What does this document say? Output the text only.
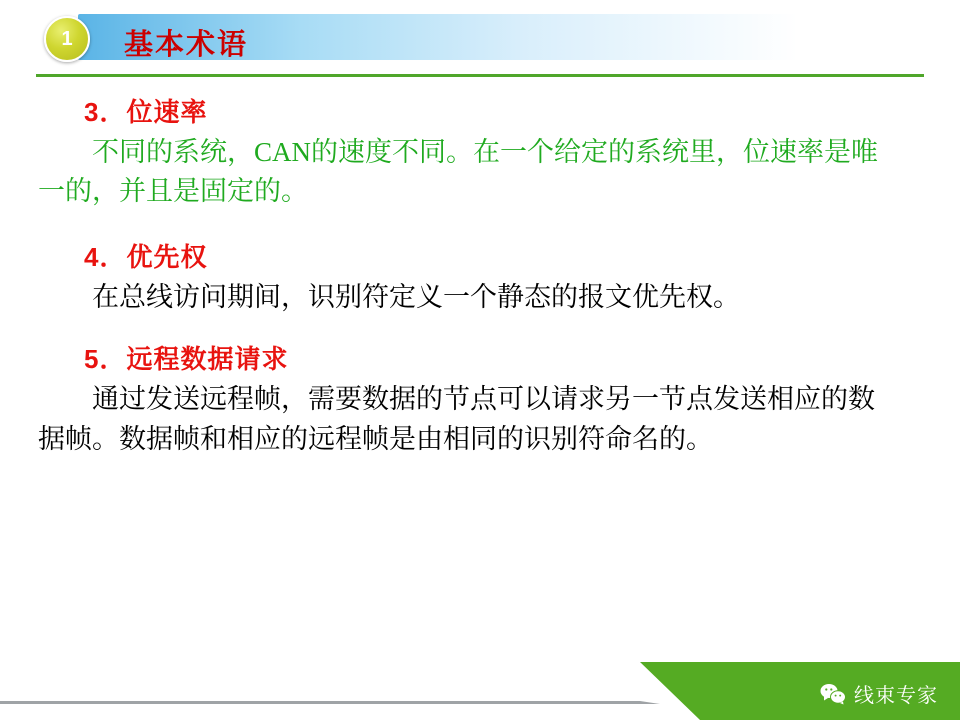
1	基本术语
3．位速率
不同的系统，CAN的速度不同。在一个给定的系统里，位速率是唯一的，并且是固定的。
4．优先权
在总线访问期间，识别符定义一个静态的报文优先权。
5．远程数据请求
通过发送远程帧，需要数据的节点可以请求另一节点发送相应的数据帧。数据帧和相应的远程帧是由相同的识别符命名的。
线束专家
